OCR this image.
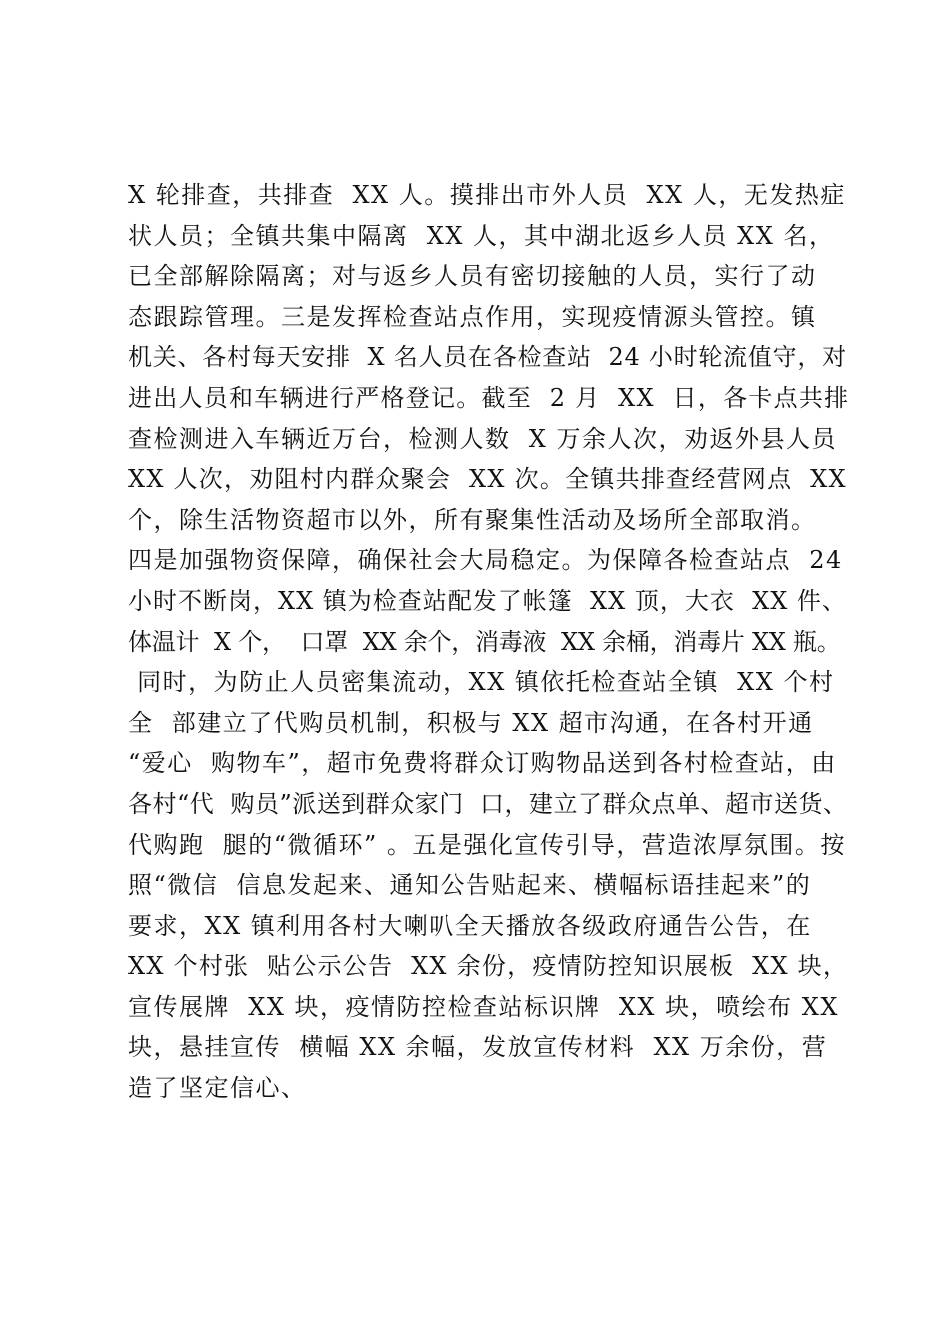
X 轮排查，共排查  XX 人。摸排出市外人员  XX 人，无发热症
状人员；全镇共集中隔离  XX 人，其中湖北返乡人员 XX 名，
已全部解除隔离；对与返乡人员有密切接触的人员，实行了动
态跟踪管理。三是发挥检查站点作用，实现疫情源头管控。镇
机关、各村每天安排  X 名人员在各检查站  24 小时轮流值守，对
进出人员和车辆进行严格登记。截至  2 月  XX  日，各卡点共排
查检测进入车辆近万台，检测人数  X 万余人次，劝返外县人员
XX 人次，劝阻村内群众聚会  XX 次。全镇共排查经营网点  XX
个，除生活物资超市以外，所有聚集性活动及场所全部取消。
四是加强物资保障，确保社会大局稳定。为保障各检查站点  24
小时不断岗，XX 镇为检查站配发了帐篷  XX 顶，大衣  XX 件、
体温计  X 个，  口罩  XX 余个，消毒液  XX 余桶，消毒片 XX 瓶。
同时，为防止人员密集流动，XX 镇依托检查站全镇  XX 个村
全  部建立了代购员机制，积极与 XX 超市沟通，在各村开通
“爱心  购物车”，超市免费将群众订购物品送到各村检查站，由
各村“代  购员”派送到群众家门  口，建立了群众点单、超市送货、
代购跑  腿的“微循环” 。五是强化宣传引导，营造浓厚氛围。按
照“微信  信息发起来、通知公告贴起来、横幅标语挂起来”的
要求，XX 镇利用各村大喇叭全天播放各级政府通告公告，在
XX 个村张  贴公示公告  XX 余份，疫情防控知识展板  XX 块，
宣传展牌  XX 块，疫情防控检查站标识牌  XX 块，喷绘布 XX
块，悬挂宣传  横幅 XX 余幅，发放宣传材料  XX 万余份，营
造了坚定信心、
